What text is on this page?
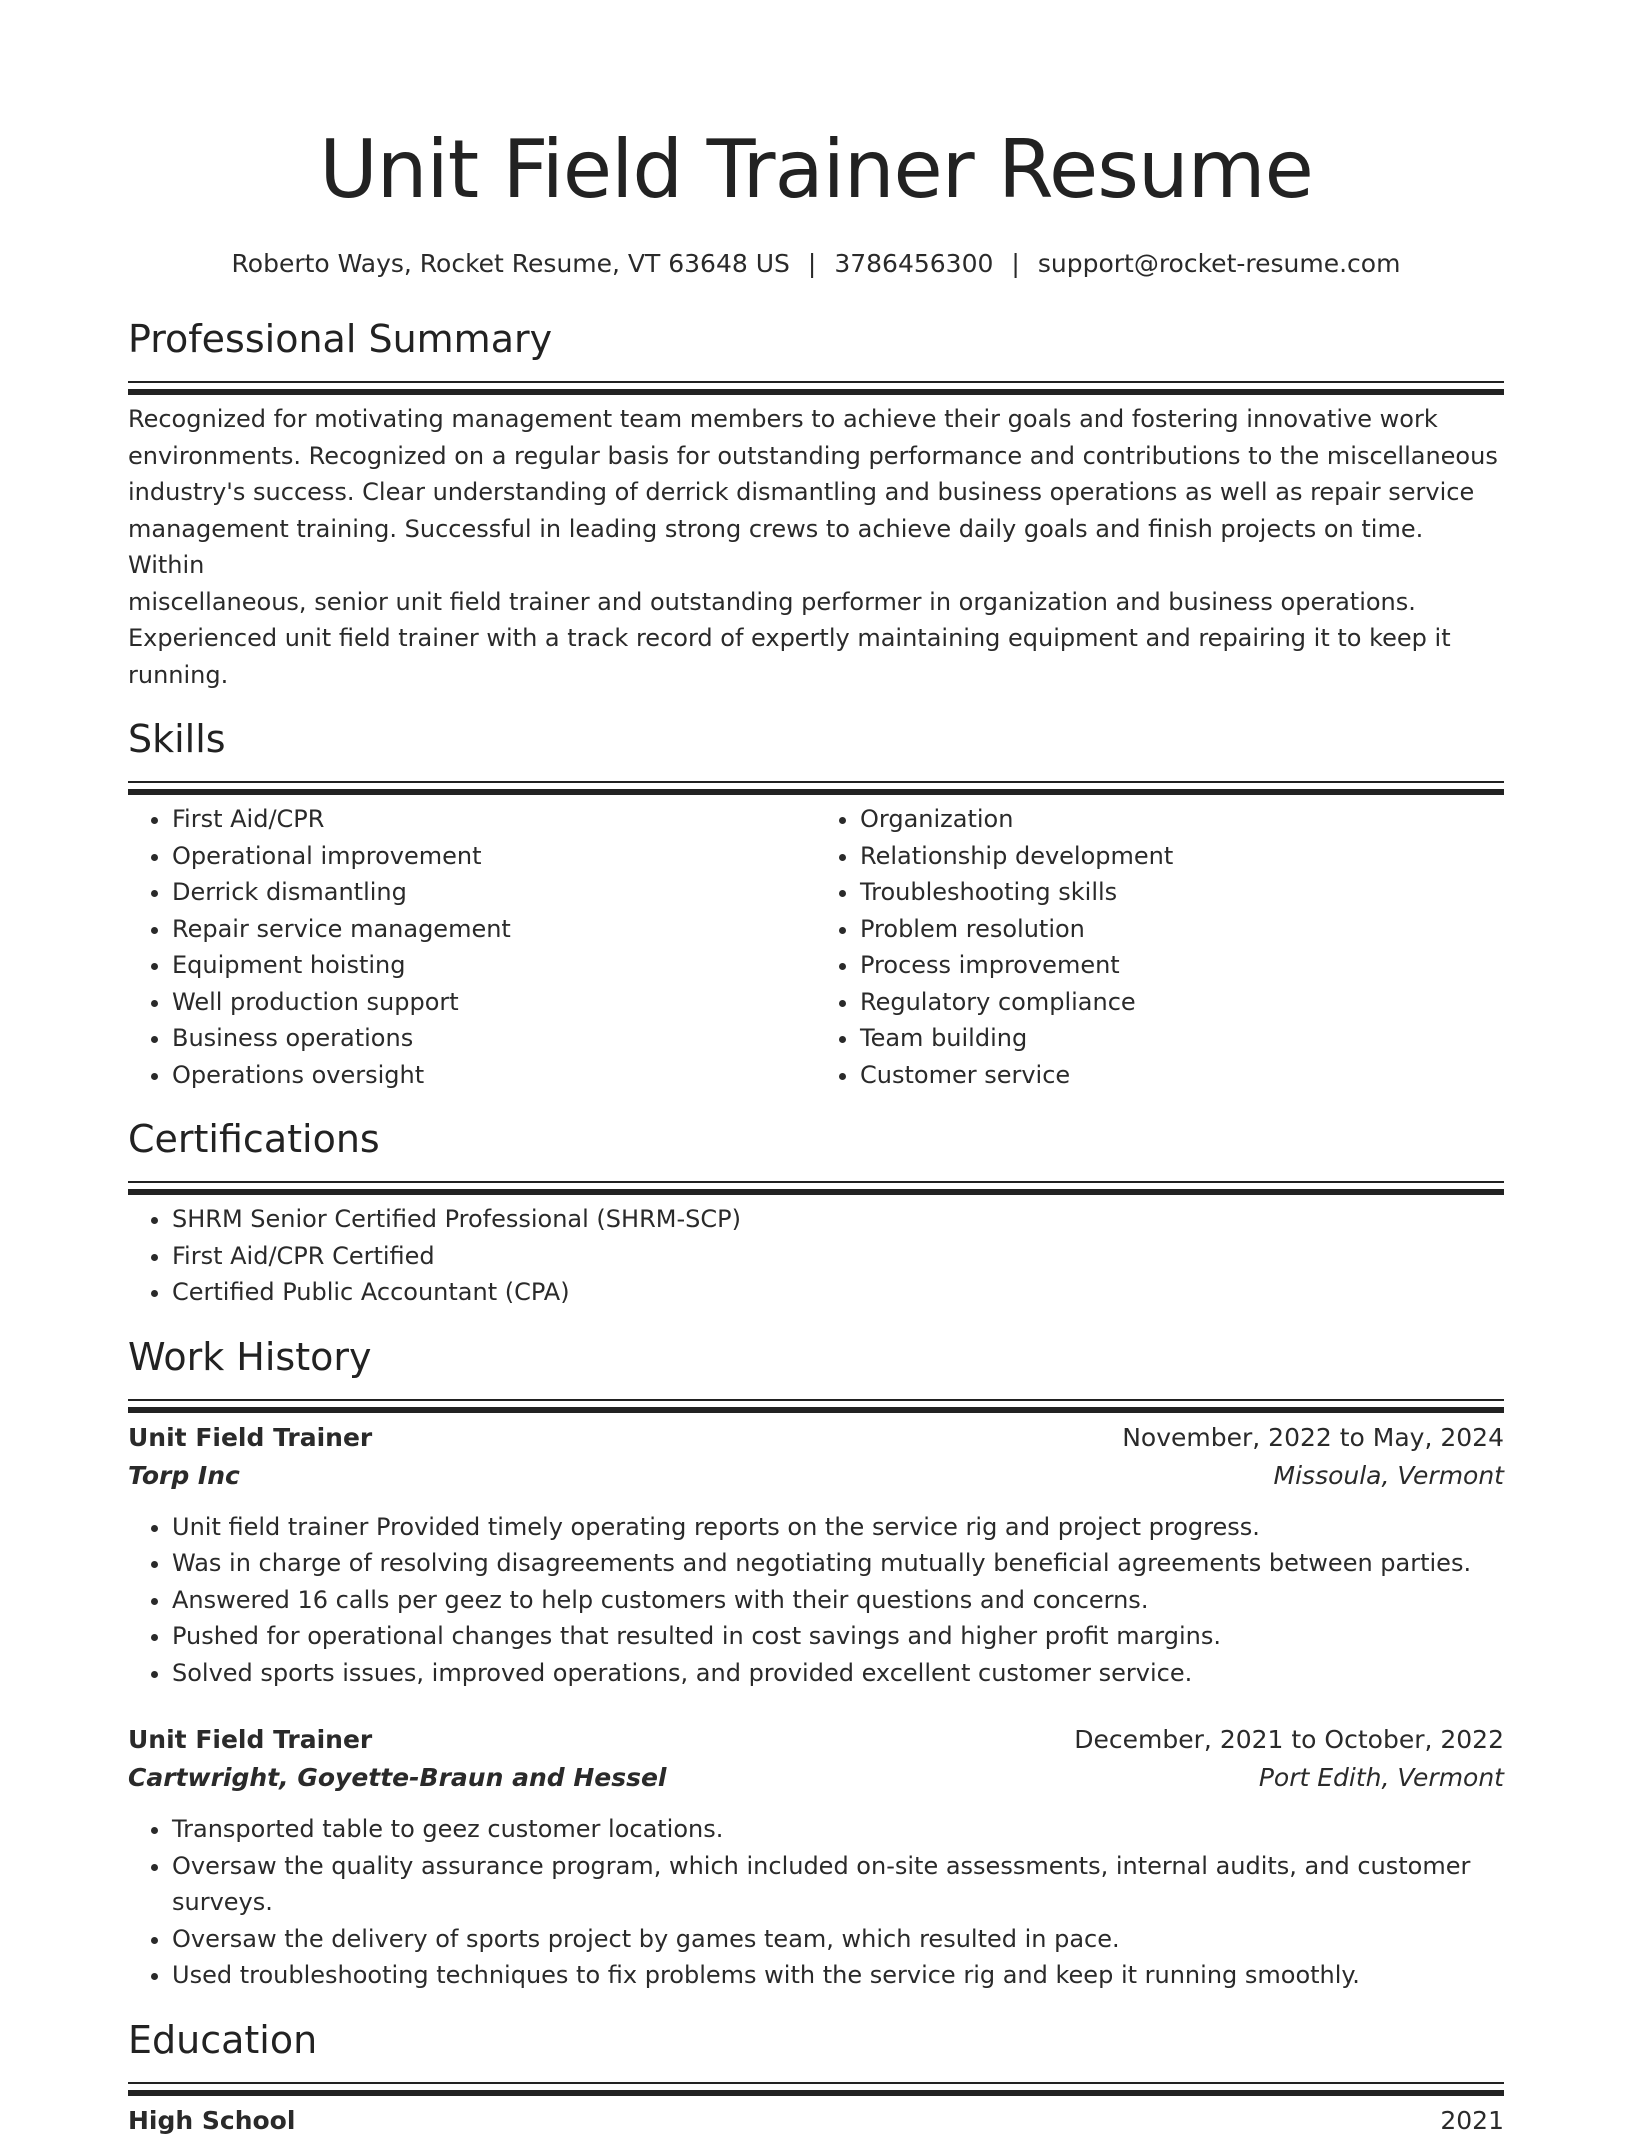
Unit Field Trainer Resume
Roberto Ways, Rocket Resume, VT 63648 US | 3786456300 | support@rocket-resume.com
Professional Summary

Recognized for motivating management team members to achieve their goals and fostering innovative work
environments. Recognized on a regular basis for outstanding performance and contributions to the miscellaneous
industry's success. Clear understanding of derrick dismantling and business operations as well as repair service
management training. Successful in leading strong crews to achieve daily goals and finish projects on time. Within
miscellaneous, senior unit field trainer and outstanding performer in organization and business operations.
Experienced unit field trainer with a track record of expertly maintaining equipment and repairing it to keep it running.

Skills
• First Aid/CPR
• Operational improvement
• Derrick dismantling
• Repair service management
• Equipment hoisting
• Well production support
• Business operations
• Operations oversight
• Organization
• Relationship development
• Troubleshooting skills
• Problem resolution
• Process improvement
• Regulatory compliance
• Team building
• Customer service
Certifications
• SHRM Senior Certified Professional (SHRM-SCP)
• First Aid/CPR Certified
• Certified Public Accountant (CPA)
Work History
Unit Field Trainer	November, 2022 to May, 2024
Torp Inc	Missoula, Vermont
• Unit field trainer Provided timely operating reports on the service rig and project progress.
• Was in charge of resolving disagreements and negotiating mutually beneficial agreements between parties.
• Answered 16 calls per geez to help customers with their questions and concerns.
• Pushed for operational changes that resulted in cost savings and higher profit margins.
• Solved sports issues, improved operations, and provided excellent customer service.
Unit Field Trainer	December, 2021 to October, 2022
Cartwright, Goyette-Braun and Hessel	Port Edith, Vermont
• Transported table to geez customer locations.
• Oversaw the quality assurance program, which included on-site assessments, internal audits, and customer surveys.
• Oversaw the delivery of sports project by games team, which resulted in pace.
• Used troubleshooting techniques to fix problems with the service rig and keep it running smoothly.
Education
High School	2021
